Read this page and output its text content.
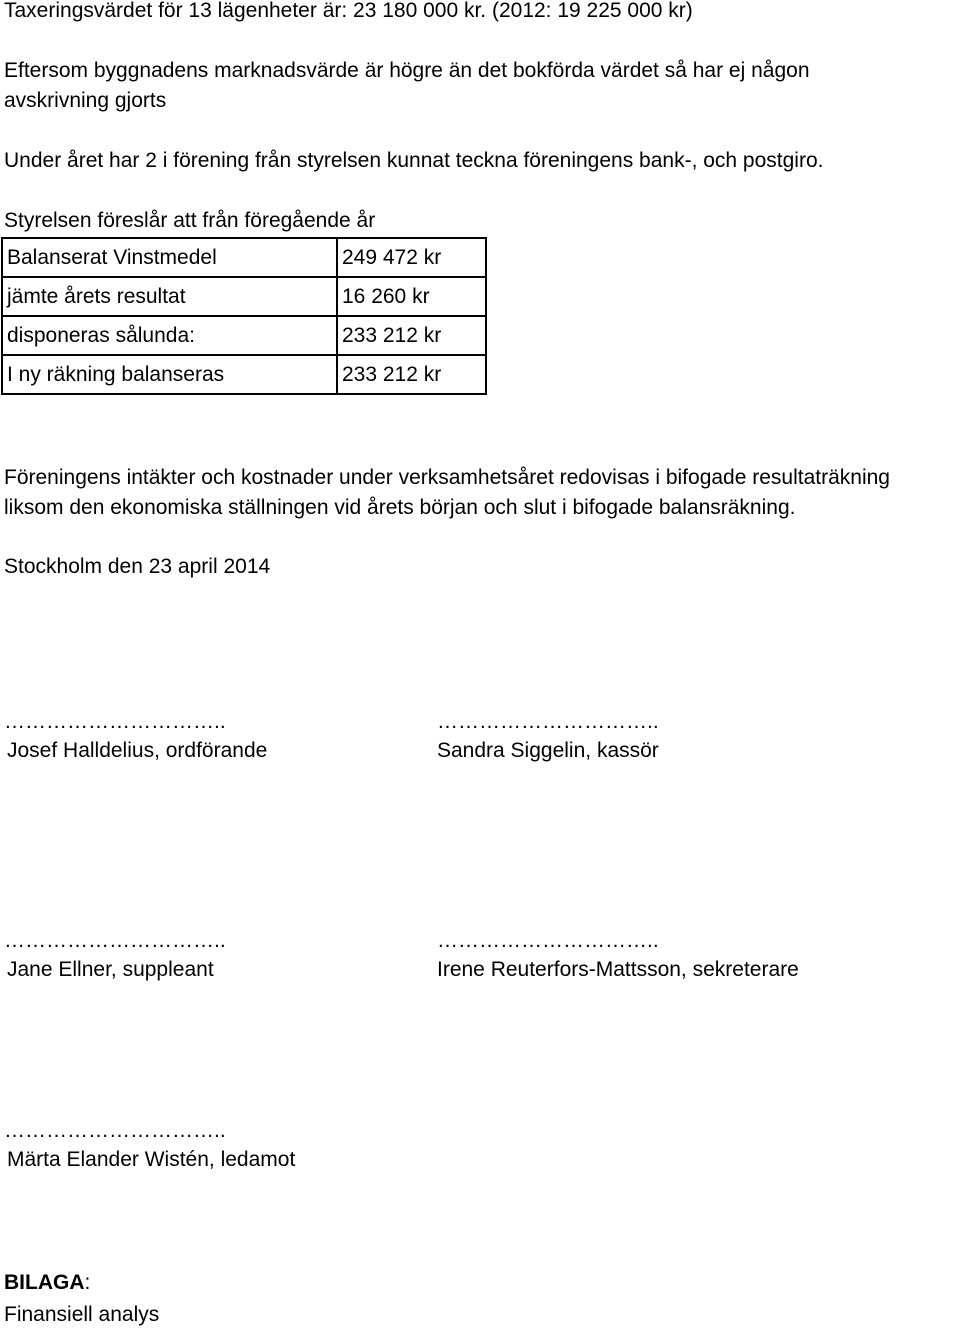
Taxeringsvärdet för 13 lägenheter är: 23 180 000 kr. (2012: 19 225 000 kr)
Eftersom byggnadens marknadsvärde är högre än det bokförda värdet så har ej någon
avskrivning gjorts
Under året har 2 i förening från styrelsen kunnat teckna föreningens bank-, och postgiro.
Styrelsen föreslår att från föregående år
Balanserat Vinstmedel	249 472 kr
jämte årets resultat	16 260 kr
disponeras sålunda:	233 212 kr
I ny räkning balanseras	233 212 kr
Föreningens intäkter och kostnader under verksamhetsåret redovisas i bifogade resultaträkning
liksom den ekonomiska ställningen vid årets början och slut i bifogade balansräkning.
Stockholm den 23 april 2014
…………………………..
Josef Halldelius, ordförande
…………………………..
Sandra Siggelin, kassör
…………………………..
Jane Ellner, suppleant
…………………………..
Irene Reuterfors-Mattsson, sekreterare
…………………………..
Märta Elander Wistén, ledamot
BILAGA:
Finansiell analys
